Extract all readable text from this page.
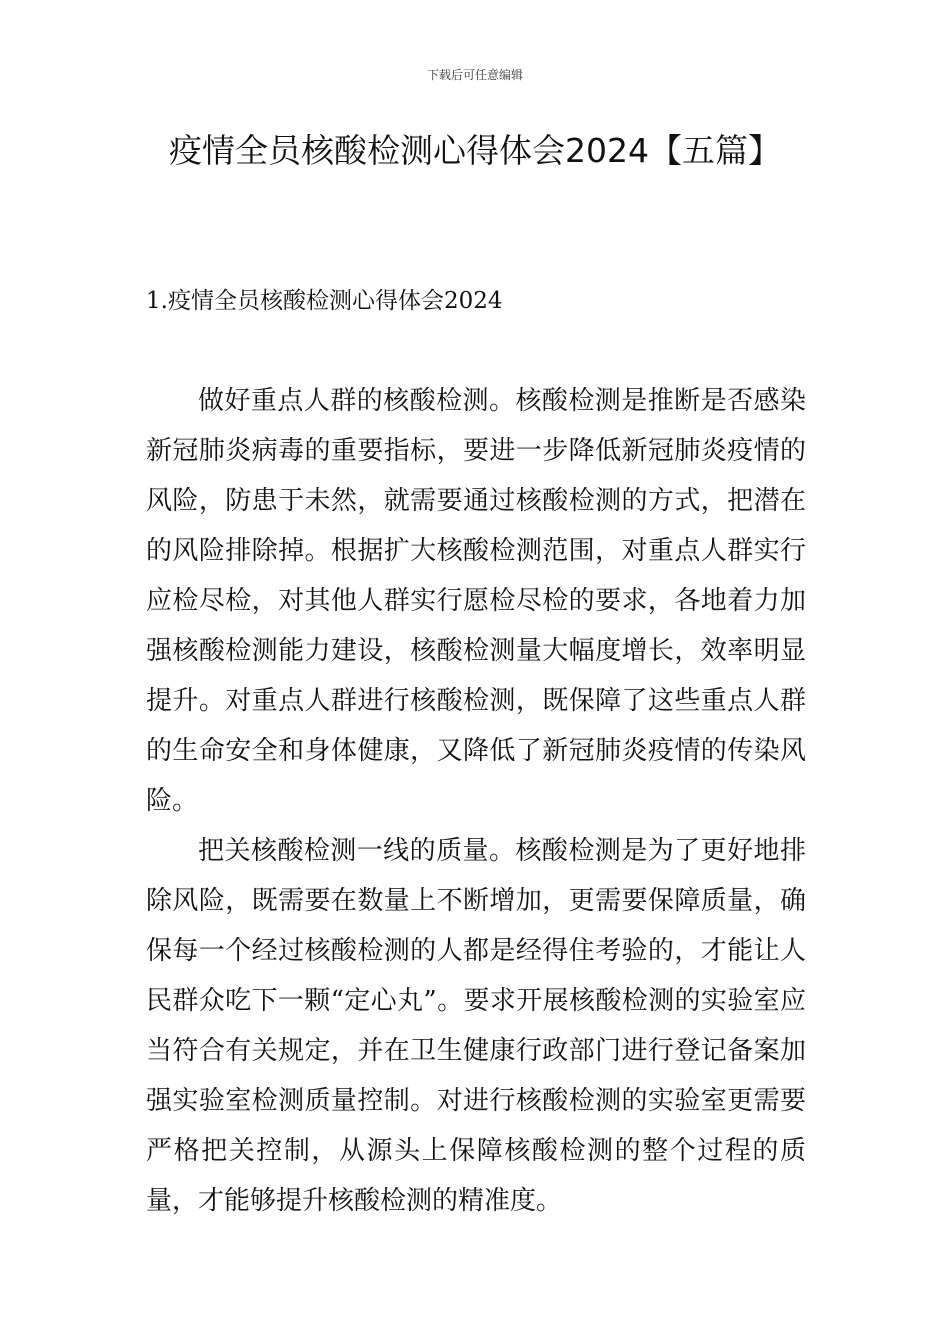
下载后可任意编辑
疫情全员核酸检测心得体会2024【五篇】
1.疫情全员核酸检测心得体会2024

做好重点人群的核酸检测。核酸检测是推断是否感染新冠肺炎病毒的重要指标，要进一步降低新冠肺炎疫情的风险，防患于未然，就需要通过核酸检测的方式，把潜在的风险排除掉。根据扩大核酸检测范围，对重点人群实行应检尽检，对其他人群实行愿检尽检的要求，各地着力加强核酸检测能力建设，核酸检测量大幅度增长，效率明显提升。对重点人群进行核酸检测，既保障了这些重点人群的生命安全和身体健康，又降低了新冠肺炎疫情的传染风险。

把关核酸检测一线的质量。核酸检测是为了更好地排除风险，既需要在数量上不断增加，更需要保障质量，确保每一个经过核酸检测的人都是经得住考验的，才能让人民群众吃下一颗“定心丸”。要求开展核酸检测的实验室应当符合有关规定，并在卫生健康行政部门进行登记备案加强实验室检测质量控制。对进行核酸检测的实验室更需要严格把关控制，从源头上保障核酸检测的整个过程的质量，才能够提升核酸检测的精准度。
